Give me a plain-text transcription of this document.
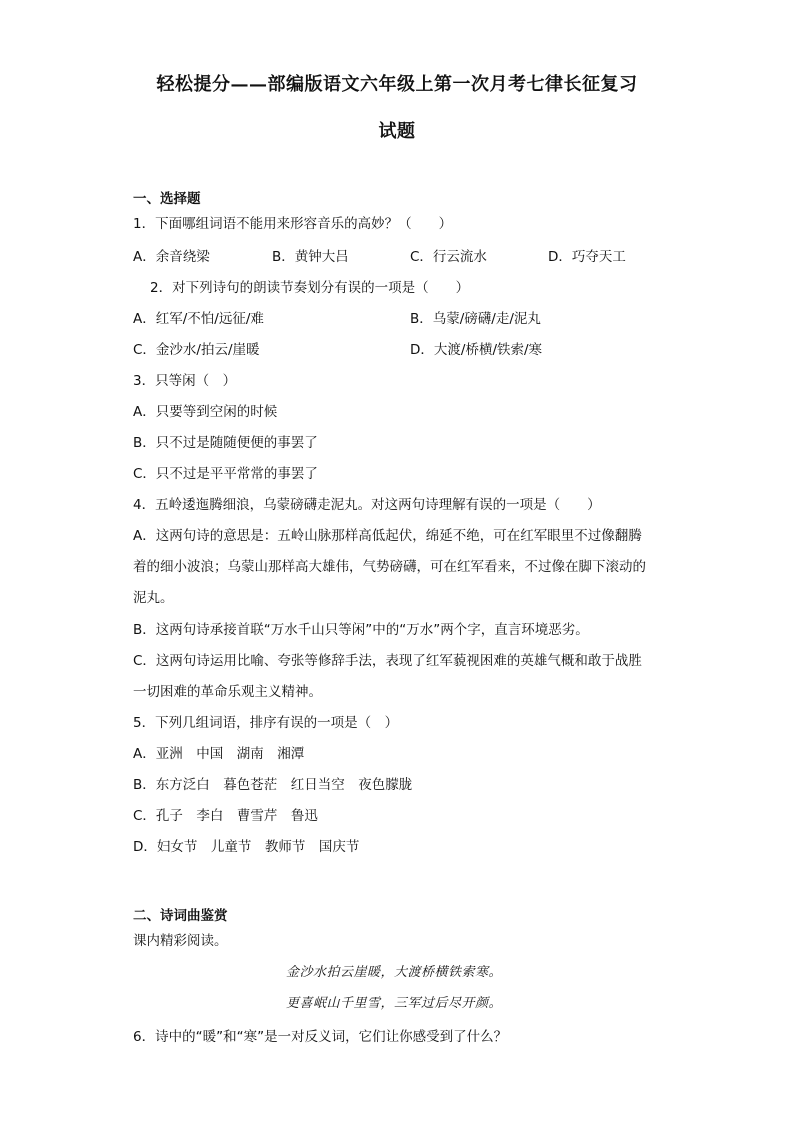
轻松提分——部编版语文六年级上第一次月考七律长征复习
试题
一、选择题
1．下面哪组词语不能用来形容音乐的高妙？（　　）
A．余音绕梁	B．黄钟大吕	C．行云流水	D．巧夺天工
2．对下列诗句的朗读节奏划分有误的一项是（　　）
A．红军/不怕/远征/难	B．乌蒙/磅礴/走/泥丸
C．金沙水/拍云/崖暖	D．大渡/桥横/铁索/寒
3．只等闲（　）
A．只要等到空闲的时候
B．只不过是随随便便的事罢了
C．只不过是平平常常的事罢了
4．五岭逶迤腾细浪，乌蒙磅礴走泥丸。对这两句诗理解有误的一项是（　　）
A．这两句诗的意思是：五岭山脉那样高低起伏，绵延不绝，可在红军眼里不过像翻腾
着的细小波浪；乌蒙山那样高大雄伟，气势磅礴，可在红军看来，不过像在脚下滚动的
泥丸。
B．这两句诗承接首联“万水千山只等闲”中的“万水”两个字，直言环境恶劣。
C．这两句诗运用比喻、夸张等修辞手法，表现了红军藐视困难的英雄气概和敢于战胜
一切困难的革命乐观主义精神。
5．下列几组词语，排序有误的一项是（　）
A．亚洲　中国　湖南　湘潭
B．东方泛白　暮色苍茫　红日当空　夜色朦胧
C．孔子　李白　曹雪芹　鲁迅
D．妇女节　儿童节　教师节　国庆节
二、诗词曲鉴赏
课内精彩阅读。
金沙水拍云崖暖，大渡桥横铁索寒。
更喜岷山千里雪，三军过后尽开颜。
6．诗中的“暖”和“寒”是一对反义词，它们让你感受到了什么？
